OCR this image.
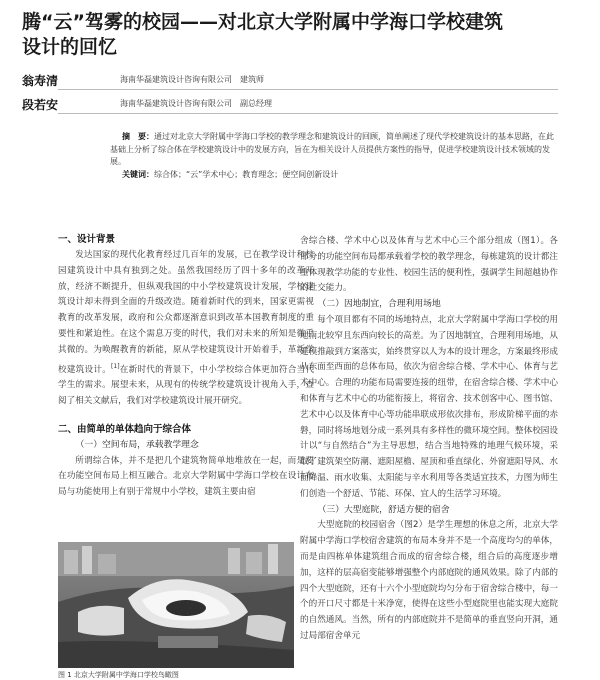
腾“云”驾雾的校园——对北京大学附属中学海口学校建筑
设计的回忆
翁寿清	海南华磊建筑设计咨询有限公司 建筑师
段若安	海南华磊建筑设计咨询有限公司 副总经理
摘　要：通过对北京大学附属中学海口学校的教学理念和建筑设计的回顾，简单阐述了现代学校建筑设计的基本思路，在此基础上分析了综合体在学校建筑设计中的发展方向，旨在为相关设计人员提供方案性的指导，促进学校建筑设计技术领域的发展。
关键词：综合体；“云”学术中心；教育理念；便空间创新设计

一、设计背景

发达国家的现代化教育经过几百年的发展，已在教学设计和校园建筑设计中具有独到之处。虽然我国经历了四十多年的改革开放，经济不断提升，但纵观我国的中小学校建筑设计发展，学校建筑设计却未得到全面的升级改造。随着新时代的到来，国家更需视教育的改革发展，政府和公众都逐渐意识到改革本国教育制度的重要性和紧迫性。在这个需息万变的时代，我们对未来的所知是微乎其微的。为唤醒教育的新能，原从学校建筑设计开始着手，革新学校建筑设计。[1]在新时代的背景下，中小学校综合体更加符合当代学生的需求。展望未来，从现有的传统学校建筑设计视角入手，查阅了相关文献后，我们对学校建筑设计展开研究。

二、由简单的单体趋向于综合体

（一）空间布局，承载教学理念

所谓综合体，并不是把几个建筑物简单地堆放在一起，而是要在功能空间布局上相互融合。北京大学附属中学海口学校在设计布局与功能使用上有别于常规中小学校，建筑主要由宿

图 1 北京大学附属中学海口学校鸟瞰图

舍综合楼、学术中心以及体育与艺术中心三个部分组成（图1）。各部分的功能空间布局都承载着学校的教学理念，每栋建筑的设计都注重体现教学功能的专业性、校园生活的便利性，强调学生间超越协作的社交能力。

（二）因地制宜，合理利用场地

每个项目都有不同的场地特点，北京大学附属中学海口学校的用地南北较窄且东西向较长的高差。为了因地制宜，合理利用场地，从建模推敲到方案落实，始终贯穿以人为本的设计理念，方案最终形成从东面至西面的总体布局，依次为宿舍综合楼、学术中心、体育与艺术中心。合理的功能布局需要连接的纽带，在宿舍综合楼、学术中心和体育与艺术中心的功能衔接上，将宿舍、技术创客中心、图书馆、艺术中心以及体育中心等功能串联成形依次排布，形成阶梯平面的赤磐，同时将场地划分成一系列具有多样性的微环境空间。整体校园设计以“与自然结合”为主导思想，结合当地特殊的地理气候环境，采取了建筑架空防潮、遮阳屋檐、屋顶和垂直绿化、外窗遮阳导风、水面降温、雨水收集、太阳能与辛水利用等各类适宜技术，力图为师生们创造一个舒适、节能、环保、宜人的生活学习环境。

（三）大型庭院，舒适方便的宿舍

大型庭院的校园宿舍（图2）是学生理想的休息之所，北京大学附属中学海口学校宿舍建筑的布局本身并不是一个高度均匀的单体，而是由四栋单体建筑组合而成的宿舍综合楼，组合后的高度逐步增加，这样的层高宿变能够增强整个内部庭院的通风效果。除了内部的四个大型庭院，还有十六个小型庭院均匀分布于宿舍综合楼中，每一个的开口尺寸都是十米净宽，使得在这些小型庭院里也能实现大庭院的自然通风。当然，所有的内部庭院并不是简单的垂直竖向开洞，通过局部宿舍单元
